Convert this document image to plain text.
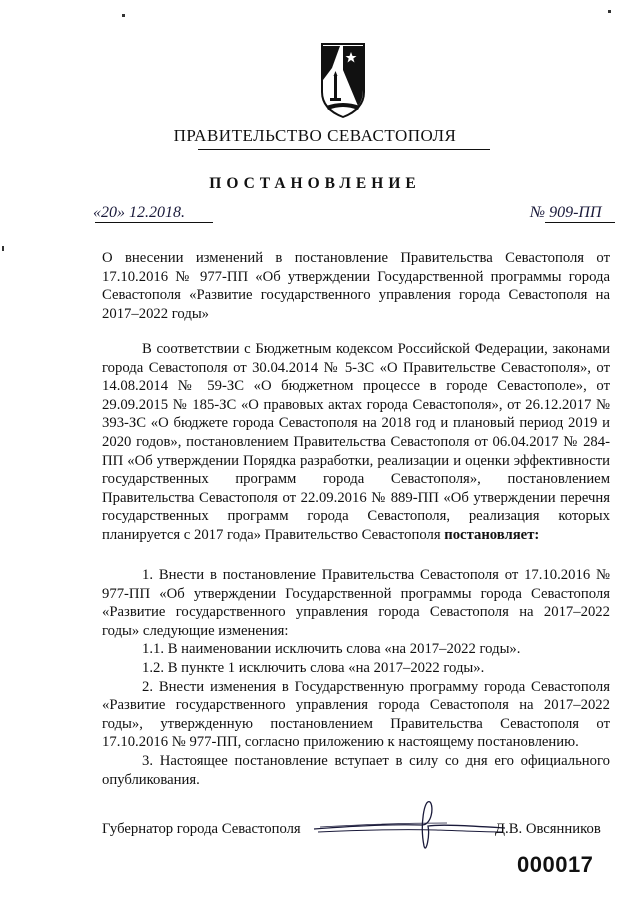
ПРАВИТЕЛЬСТВО СЕВАСТОПОЛЯ
ПОСТАНОВЛЕНИЕ
«20» 12.2018.	№ 909-ПП

О внесении изменений в постановление Правительства Севастополя от 17.10.2016 № 977-ПП «Об утверждении Государственной программы города Севастополя «Развитие государственного управления города Севастополя на 2017–2022 годы»

В соответствии с Бюджетным кодексом Российской Федерации, законами города Севастополя от 30.04.2014 № 5-ЗС «О Правительстве Севастополя», от 14.08.2014 № 59-ЗС «О бюджетном процессе в городе Севастополе», от 29.09.2015 № 185-ЗС «О правовых актах города Севастополя», от 26.12.2017 № 393-ЗС «О бюджете города Севастополя на 2018 год и плановый период 2019 и 2020 годов», постановлением Правительства Севастополя от 06.04.2017 № 284-ПП «Об утверждении Порядка разработки, реализации и оценки эффективности государственных программ города Севастополя», постановлением Правительства Севастополя от 22.09.2016 № 889-ПП «Об утверждении перечня государственных программ города Севастополя, реализация которых планируется с 2017 года» Правительство Севастополя постановляет:

1. Внести в постановление Правительства Севастополя от 17.10.2016 № 977-ПП «Об утверждении Государственной программы города Севастополя «Развитие государственного управления города Севастополя на 2017–2022 годы» следующие изменения:

1.1. В наименовании исключить слова «на 2017–2022 годы».

1.2. В пункте 1 исключить слова «на 2017–2022 годы».

2. Внести изменения в Государственную программу города Севастополя «Развитие государственного управления города Севастополя на 2017–2022 годы», утвержденную постановлением Правительства Севастополя от 17.10.2016 № 977-ПП, согласно приложению к настоящему постановлению.

3. Настоящее постановление вступает в силу со дня его официального опубликования.

Губернатор города Севастополя	Д.В. Овсянников
000017
